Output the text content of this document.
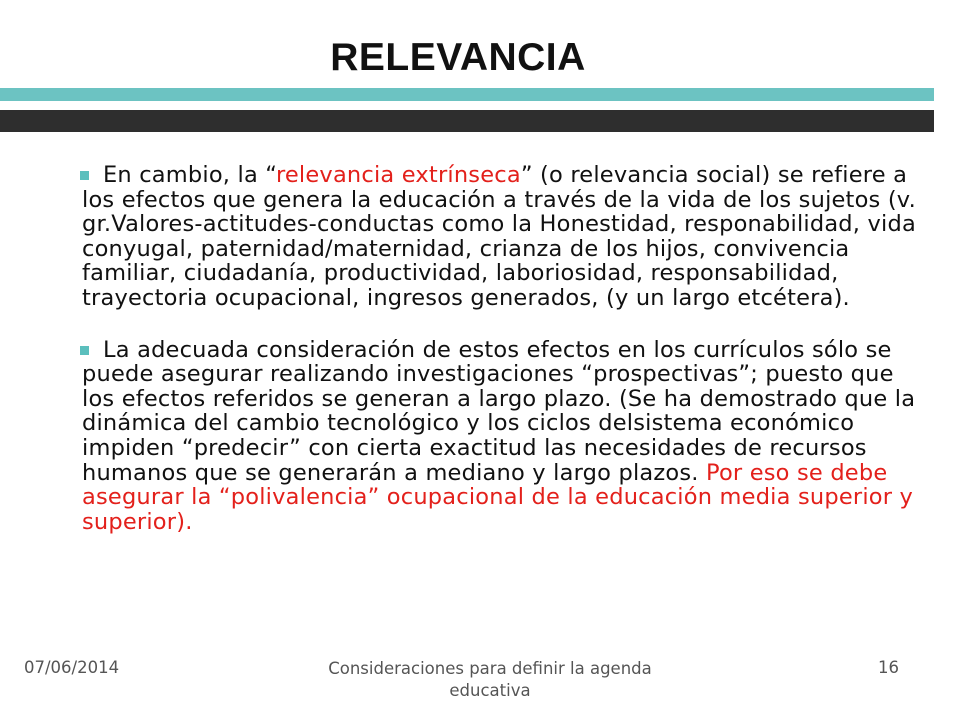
RELEVANCIA

En cambio, la “relevancia extrínseca” (o relevancia social) se refiere a los efectos que genera la educación a través de la vida de los sujetos (v. gr.Valores-actitudes-conductas como la Honestidad, responabilidad, vida conyugal, paternidad/maternidad, crianza de los hijos, convivencia familiar, ciudadanía, productividad, laboriosidad, responsabilidad, trayectoria ocupacional, ingresos generados, (y un largo etcétera).

La adecuada consideración de estos efectos en los currículos sólo se puede asegurar realizando investigaciones “prospectivas”; puesto que los efectos referidos se generan a largo plazo. (Se ha demostrado que la dinámica del cambio tecnológico y los ciclos delsistema económico impiden “predecir” con cierta exactitud las necesidades de recursos humanos que se generarán a mediano y largo plazos. Por eso se debe asegurar la “polivalencia” ocupacional de la educación media superior y superior).

07/06/2014	Consideraciones para definir la agenda educativa
16
